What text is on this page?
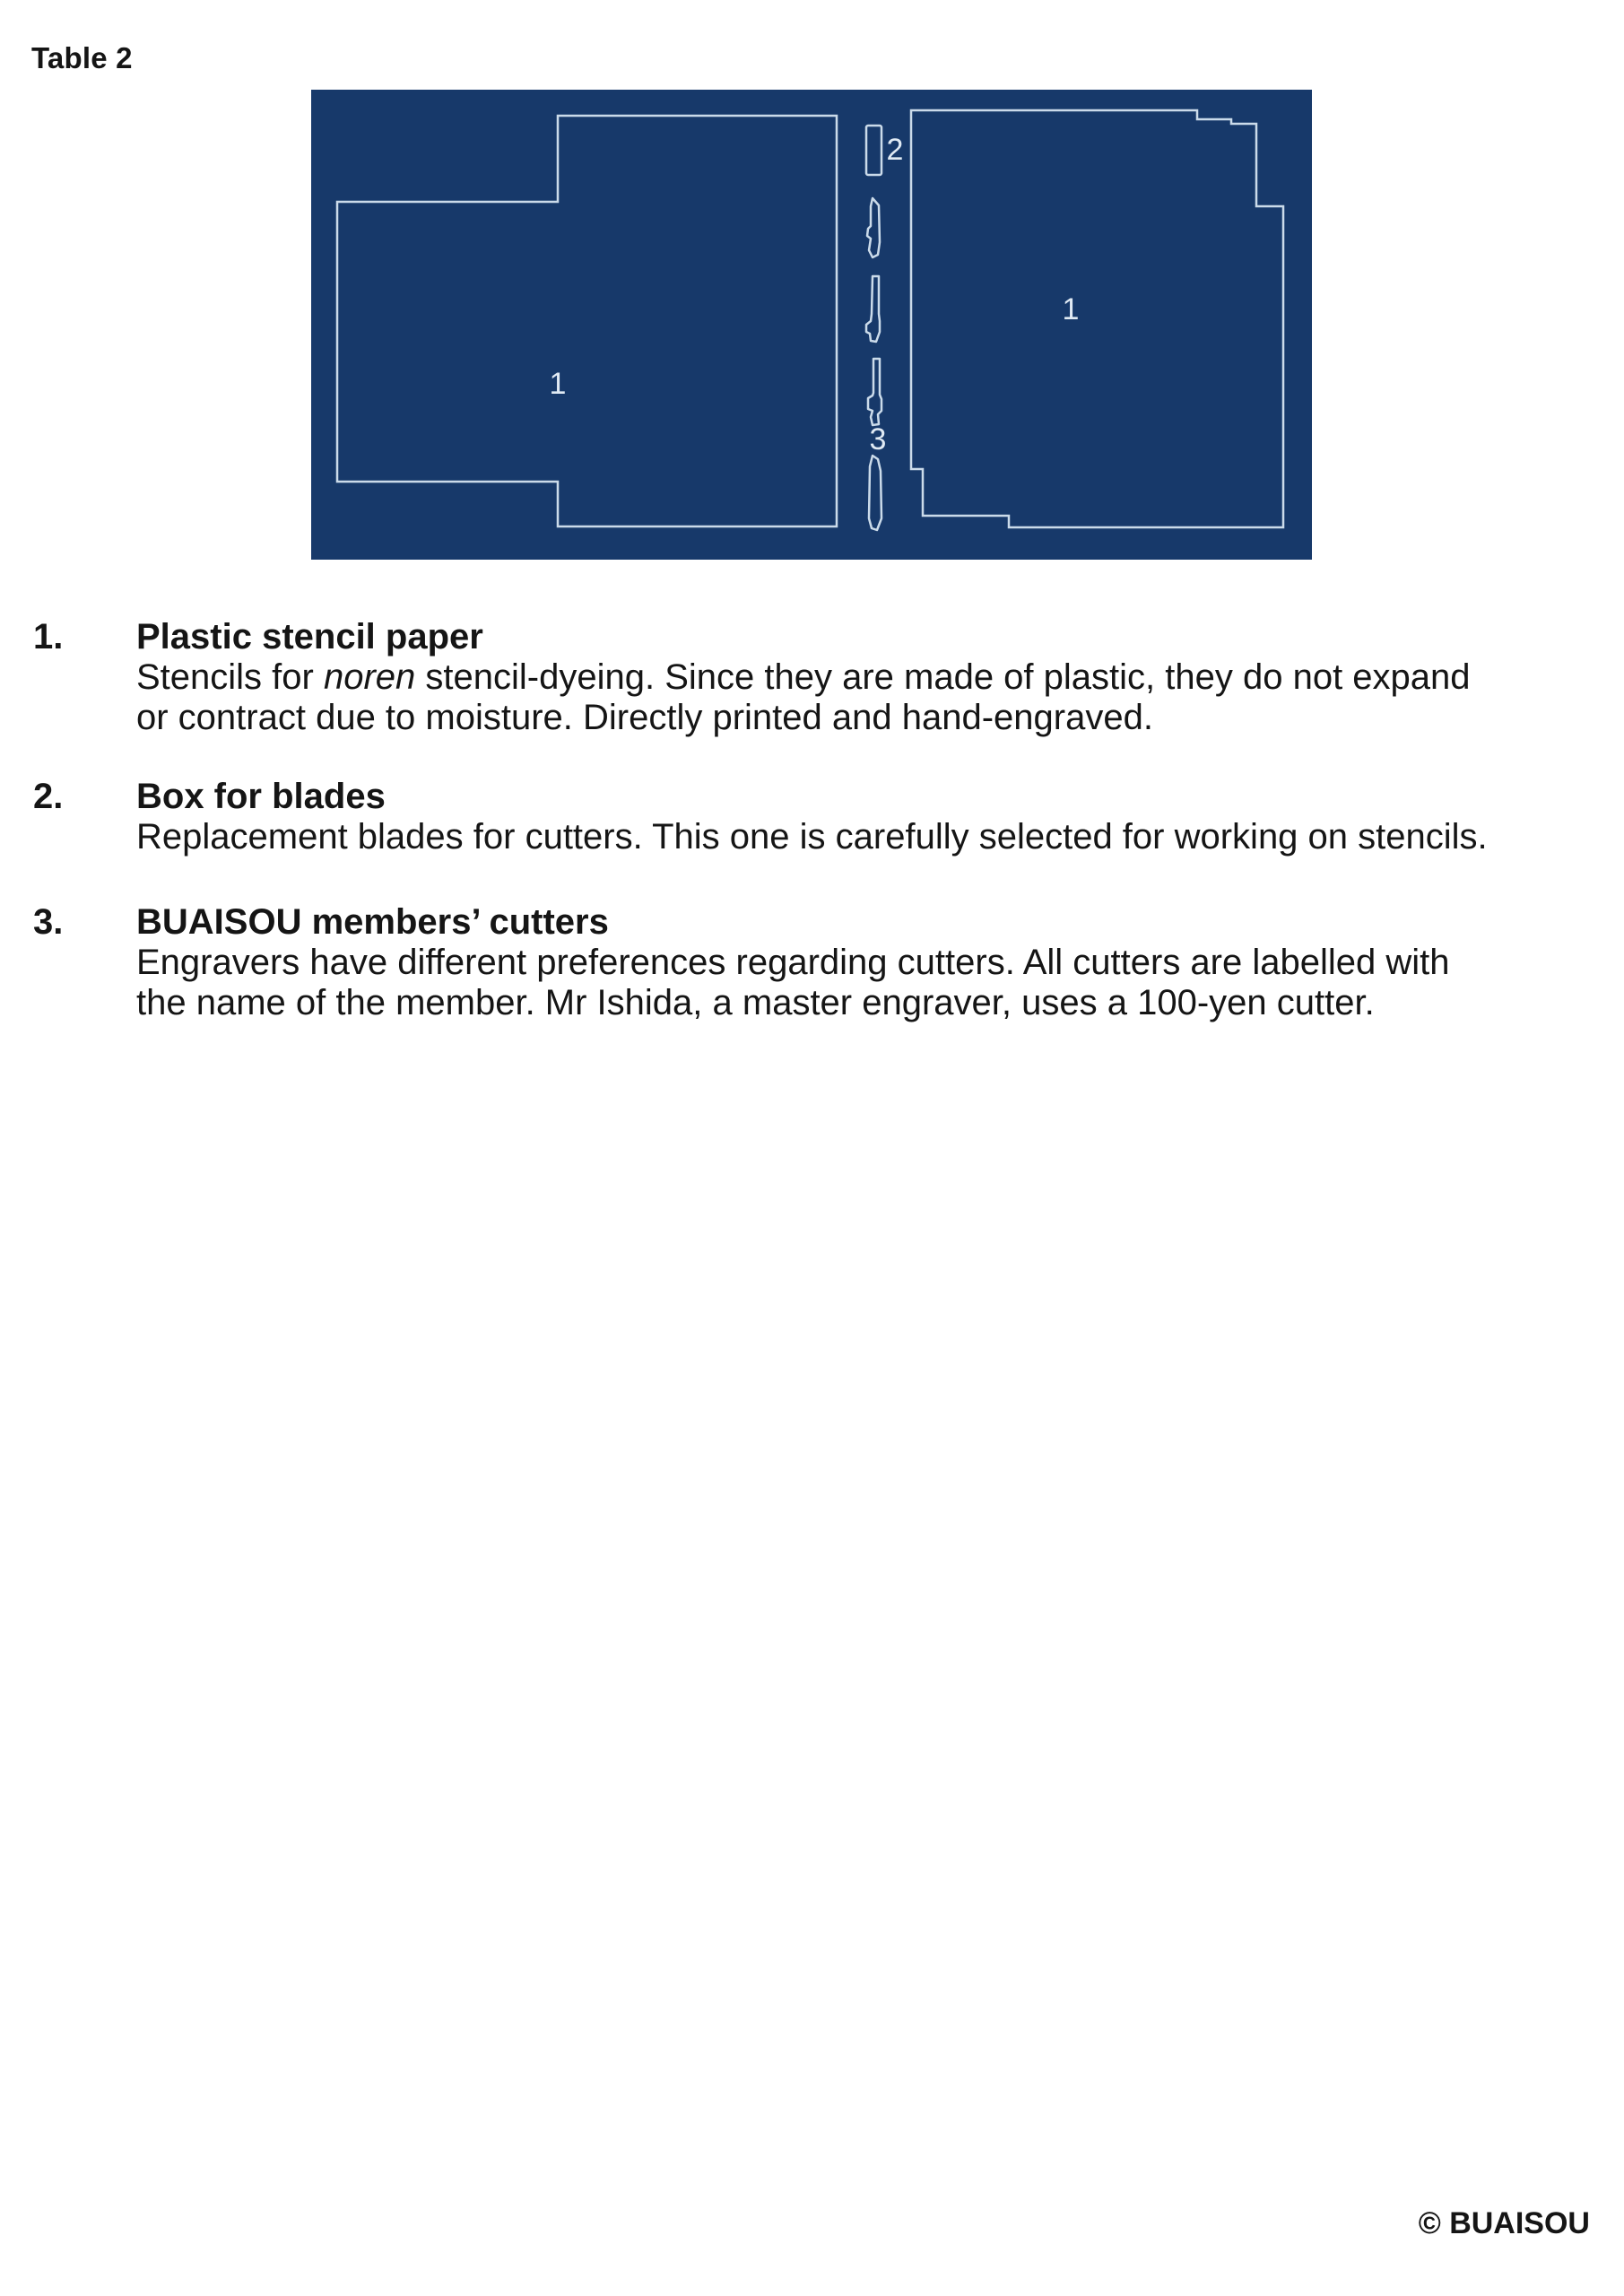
Table 2
1
1
2
3
1.	Plastic stencil paper
Stencils for noren stencil-dyeing. Since they are made of plastic, they do not expand
or contract due to moisture. Directly printed and hand-engraved.
2.	Box for blades
Replacement blades for cutters. This one is carefully selected for working on stencils.
3.	BUAISOU members’ cutters
Engravers have different preferences regarding cutters. All cutters are labelled with
the name of the member. Mr Ishida, a master engraver, uses a 100-yen cutter.
© BUAISOU
